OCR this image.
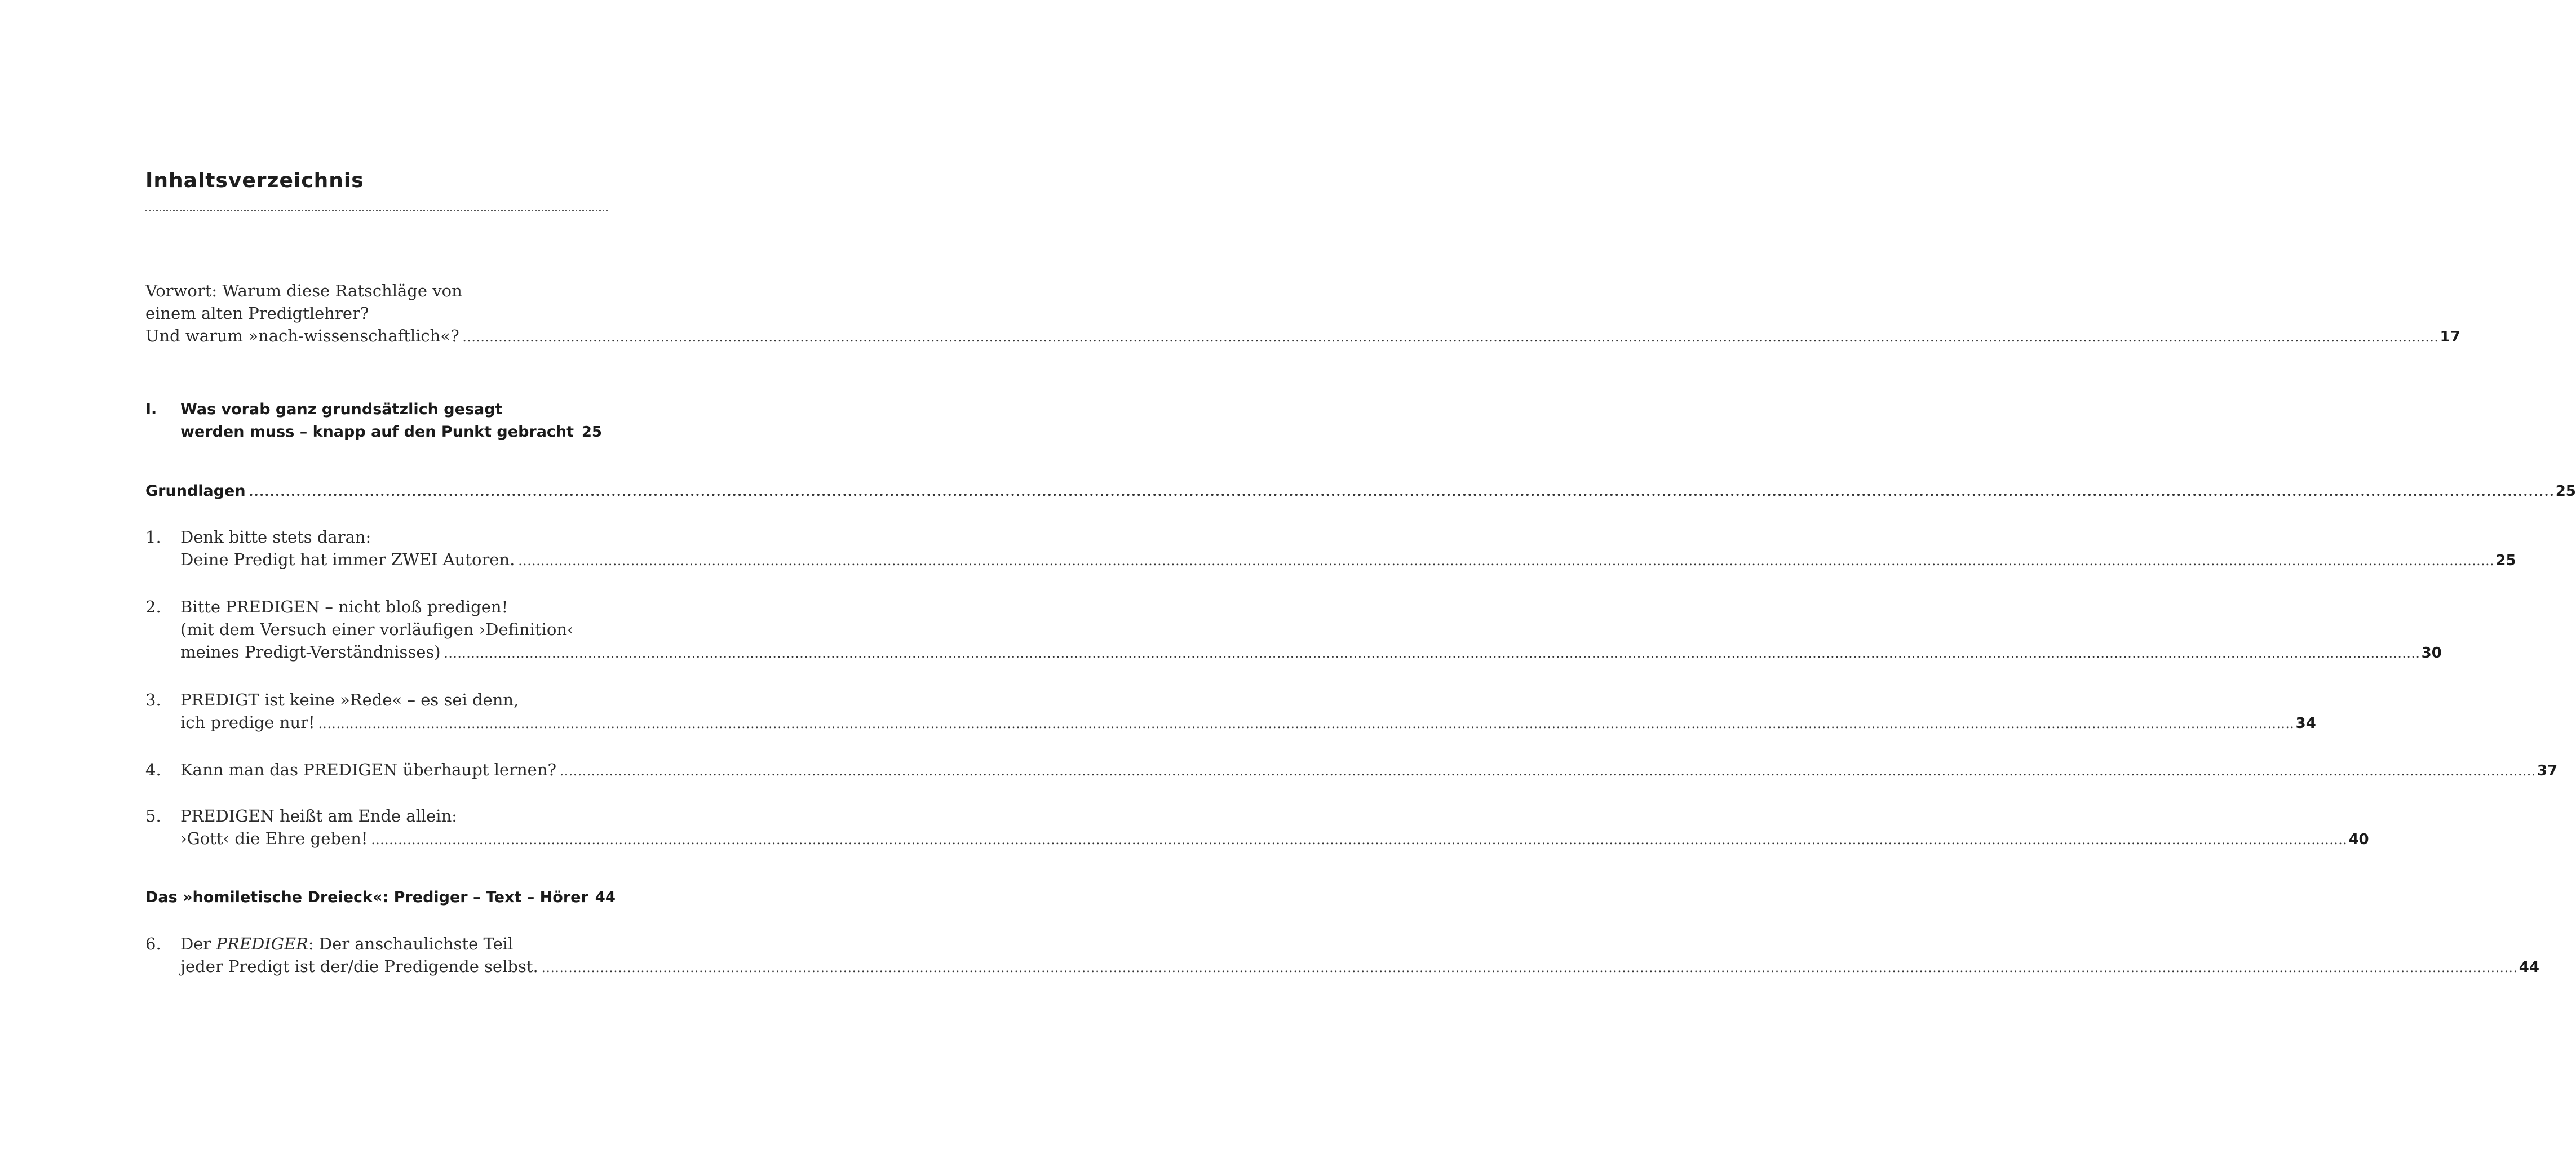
Inhaltsverzeichnis
Vorwort: Warum diese Ratschläge von
einem alten Predigtlehrer?
Und warum »nach-wissenschaftlich«? . . .	17
I.	Was vorab ganz grundsätzlich gesagt
werden muss – knapp auf den Punkt gebracht . . . 25
Grundlagen . . .	25
1.	Denk bitte stets daran:
Deine Predigt hat immer ZWEI Autoren. . . .	25
2.	Bitte PREDIGEN – nicht bloß predigen!
(mit dem Versuch einer vorläufigen ›Definition‹
meines Predigt-Verständnisses) . . .	30
3.	PREDIGT ist keine »Rede« – es sei denn,
ich predige nur! . . .	34
4.	Kann man das PREDIGEN überhaupt lernen? . . .	37
5.	PREDIGEN heißt am Ende allein:
›Gott‹ die Ehre geben! . . .	40
Das »homiletische Dreieck«: Prediger – Text – Hörer 44
6.	Der PREDIGER: Der anschaulichste Teil
jeder Predigt ist der/die Predigende selbst. . . .	44
